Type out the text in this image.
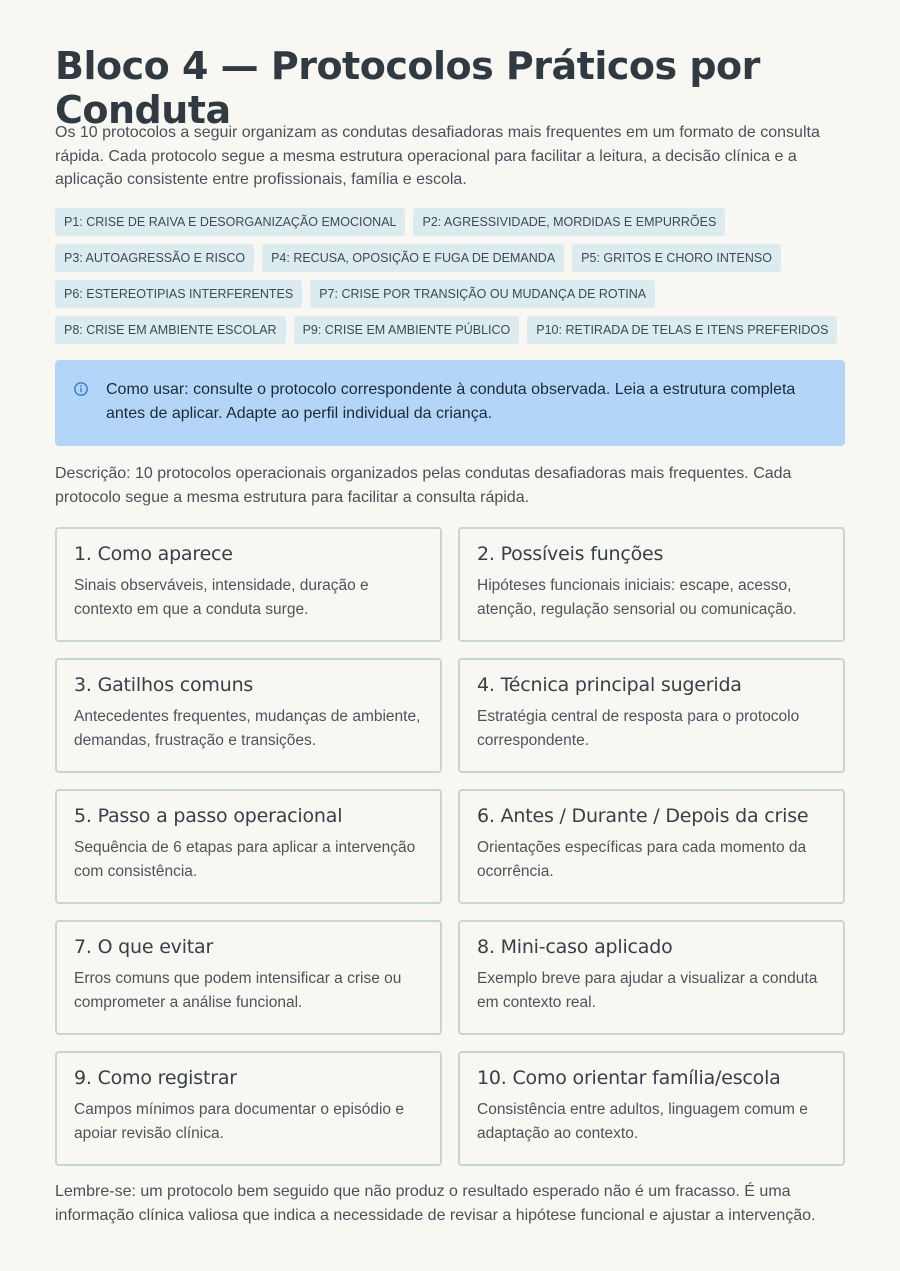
Bloco 4 — Protocolos Práticos por Conduta

Os 10 protocolos a seguir organizam as condutas desafiadoras mais frequentes em um formato de consulta rápida. Cada protocolo segue a mesma estrutura operacional para facilitar a leitura, a decisão clínica e a aplicação consistente entre profissionais, família e escola.

P1: CRISE DE RAIVA E DESORGANIZAÇÃO EMOCIONAL	P2: AGRESSIVIDADE, MORDIDAS E EMPURRÕES
P3: AUTOAGRESSÃO E RISCO	P4: RECUSA, OPOSIÇÃO E FUGA DE DEMANDA	P5: GRITOS E CHORO INTENSO
P6: ESTEREOTIPIAS INTERFERENTES	P7: CRISE POR TRANSIÇÃO OU MUDANÇA DE ROTINA
P8: CRISE EM AMBIENTE ESCOLAR	P9: CRISE EM AMBIENTE PÚBLICO	P10: RETIRADA DE TELAS E ITENS PREFERIDOS
Como usar: consulte o protocolo correspondente à conduta observada. Leia a estrutura completa antes de aplicar. Adapte ao perfil individual da criança.

Descrição: 10 protocolos operacionais organizados pelas condutas desafiadoras mais frequentes. Cada protocolo segue a mesma estrutura para facilitar a consulta rápida.

1. Como aparece

Sinais observáveis, intensidade, duração e contexto em que a conduta surge.

2. Possíveis funções

Hipóteses funcionais iniciais: escape, acesso, atenção, regulação sensorial ou comunicação.

3. Gatilhos comuns

Antecedentes frequentes, mudanças de ambiente, demandas, frustração e transições.

4. Técnica principal sugerida

Estratégia central de resposta para o protocolo correspondente.

5. Passo a passo operacional

Sequência de 6 etapas para aplicar a intervenção com consistência.

6. Antes / Durante / Depois da crise

Orientações específicas para cada momento da ocorrência.

7. O que evitar

Erros comuns que podem intensificar a crise ou comprometer a análise funcional.

8. Mini-caso aplicado

Exemplo breve para ajudar a visualizar a conduta em contexto real.

9. Como registrar

Campos mínimos para documentar o episódio e apoiar revisão clínica.

10. Como orientar família/escola

Consistência entre adultos, linguagem comum e adaptação ao contexto.

Lembre-se: um protocolo bem seguido que não produz o resultado esperado não é um fracasso. É uma informação clínica valiosa que indica a necessidade de revisar a hipótese funcional e ajustar a intervenção.
